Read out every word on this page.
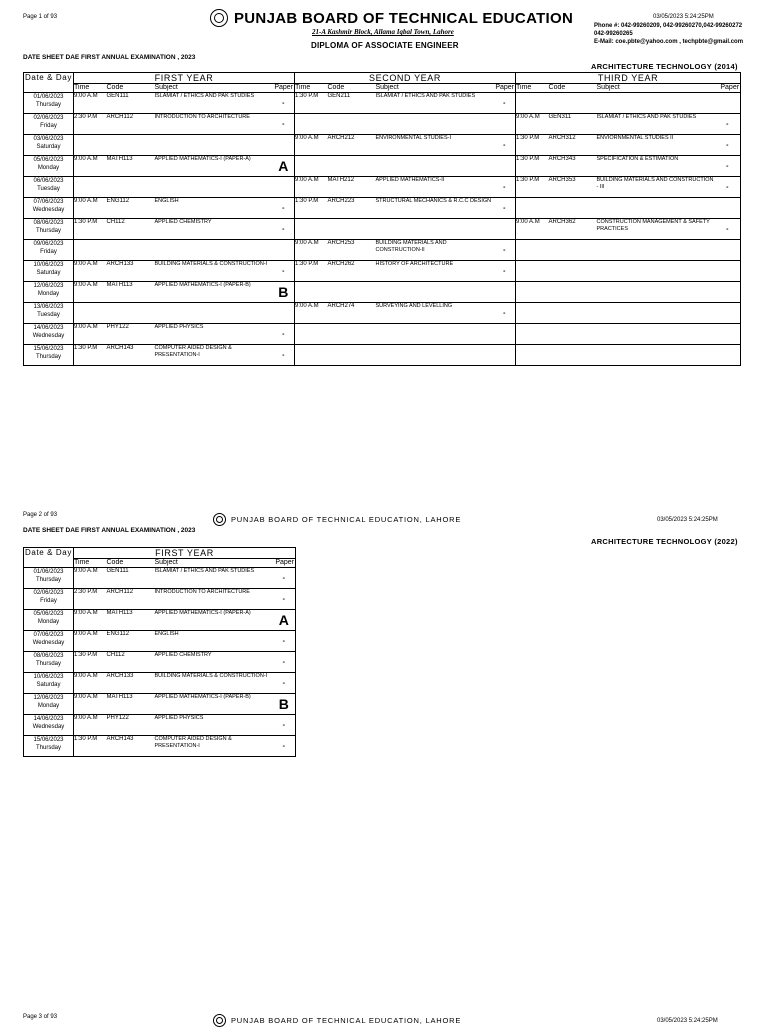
Page 1 of 93	PUNJAB BOARD OF TECHNICAL EDUCATION
21-A Kashmir Block, Allama Iqbal Town, Lahore
DIPLOMA OF ASSOCIATE ENGINEER
03/05/2023 5:24:25PM
Phone #: 042-99260209, 042-99260270,042-99260272
042-99260265
E-Mail: coe.pbte@yahoo.com , techpbte@gmail.com
DATE SHEET DAE FIRST ANNUAL EXAMINATION , 2023
ARCHITECTURE TECHNOLOGY (2014)
Date & Day	FIRST YEAR				SECOND YEAR				THIRD YEAR			
	Time	Code	Subject	Paper	Time	Code	Subject	Paper	Time	Code	Subject	Paper

01/06/2023
Thursday	9:00 A.M	GEN111	ISLAMIAT / ETHICS AND PAK STUDIES	-	1:30 P.M	GEN211	ISLAMIAT / ETHICS AND PAK STUDIES	-				

02/06/2023
Friday	2:30 P.M	ARCH112	INTRODUCTION TO ARCHITECTURE	-					9:00 A.M	GEN311	ISLAMIAT / ETHICS AND PAK STUDIES	-

03/06/2023
Saturday					9:00 A.M	ARCH212	ENVIRONMENTAL STUDIES-I	-	1:30 P.M	ARCH312	ENVIORNMENTAL STUDIES II	-

05/06/2023
Monday	9:00 A.M	MATH113	APPLIED MATHEMATICS-I (PAPER-A)	A					1:30 P.M	ARCH343	SPECIFICATION & ESTIMATION	-

06/06/2023
Tuesday					9:00 A.M	MATH212	APPLIED MATHEMATICS-II	-	1:30 P.M	ARCH353	BUILDING MATERIALS AND CONSTRUCTION - III	-

07/06/2023
Wednesday	9:00 A.M	ENG112	ENGLISH	-	1:30 P.M	ARCH223	STRUCTURAL MECHANICS & R.C.C DESIGN	-				

08/06/2023
Thursday	1:30 P.M	CH112	APPLIED CHEMISTRY	-					9:00 A.M	ARCH362	CONSTRUCTION MANAGEMENT & SAFETY PRACTICES	-

09/06/2023
Friday					9:00 A.M	ARCH253	BUILDING MATERIALS AND CONSTRUCTION-II	-				

10/06/2023
Saturday	9:00 A.M	ARCH133	BUILDING MATERIALS & CONSTRUCTION-I	-	1:30 P.M	ARCH262	HISTORY OF ARCHITECTURE	-				

12/06/2023
Monday	9:00 A.M	MATH113	APPLIED MATHEMATICS-I (PAPER-B)	B								

13/06/2023
Tuesday					9:00 A.M	ARCH274	SURVEYING AND LEVELLING	-				

14/06/2023
Wednesday	9:00 A.M	PHY122	APPLIED PHYSICS	-								

15/06/2023
Thursday	1:30 P.M	ARCH143	COMPUTER AIDED DESIGN & PRESENTATION-I	-								
Page 2 of 93	PUNJAB BOARD OF TECHNICAL EDUCATION, LAHORE	03/05/2023 5:24:25PM
DATE SHEET DAE FIRST ANNUAL EXAMINATION , 2023
ARCHITECTURE TECHNOLOGY (2022)
Date & Day	FIRST YEAR			
	Time	Code	Subject	Paper

01/06/2023
Thursday	9:00 A.M	GEN111	ISLAMIAT / ETHICS AND PAK STUDIES	-

02/06/2023
Friday	2:30 P.M	ARCH112	INTRODUCTION TO ARCHITECTURE	-

05/06/2023
Monday	9:00 A.M	MATH113	APPLIED MATHEMATICS-I (PAPER-A)	A

07/06/2023
Wednesday	9:00 A.M	ENG112	ENGLISH	-

08/06/2023
Thursday	1:30 P.M	CH112	APPLIED CHEMISTRY	-

10/06/2023
Saturday	9:00 A.M	ARCH133	BUILDING MATERIALS & CONSTRUCTION-I	-

12/06/2023
Monday	9:00 A.M	MATH113	APPLIED MATHEMATICS-I (PAPER-B)	B

14/06/2023
Wednesday	9:00 A.M	PHY122	APPLIED PHYSICS	-

15/06/2023
Thursday	1:30 P.M	ARCH143	COMPUTER AIDED DESIGN & PRESENTATION-I	-
Page 3 of 93	PUNJAB BOARD OF TECHNICAL EDUCATION, LAHORE	03/05/2023 5:24:25PM
